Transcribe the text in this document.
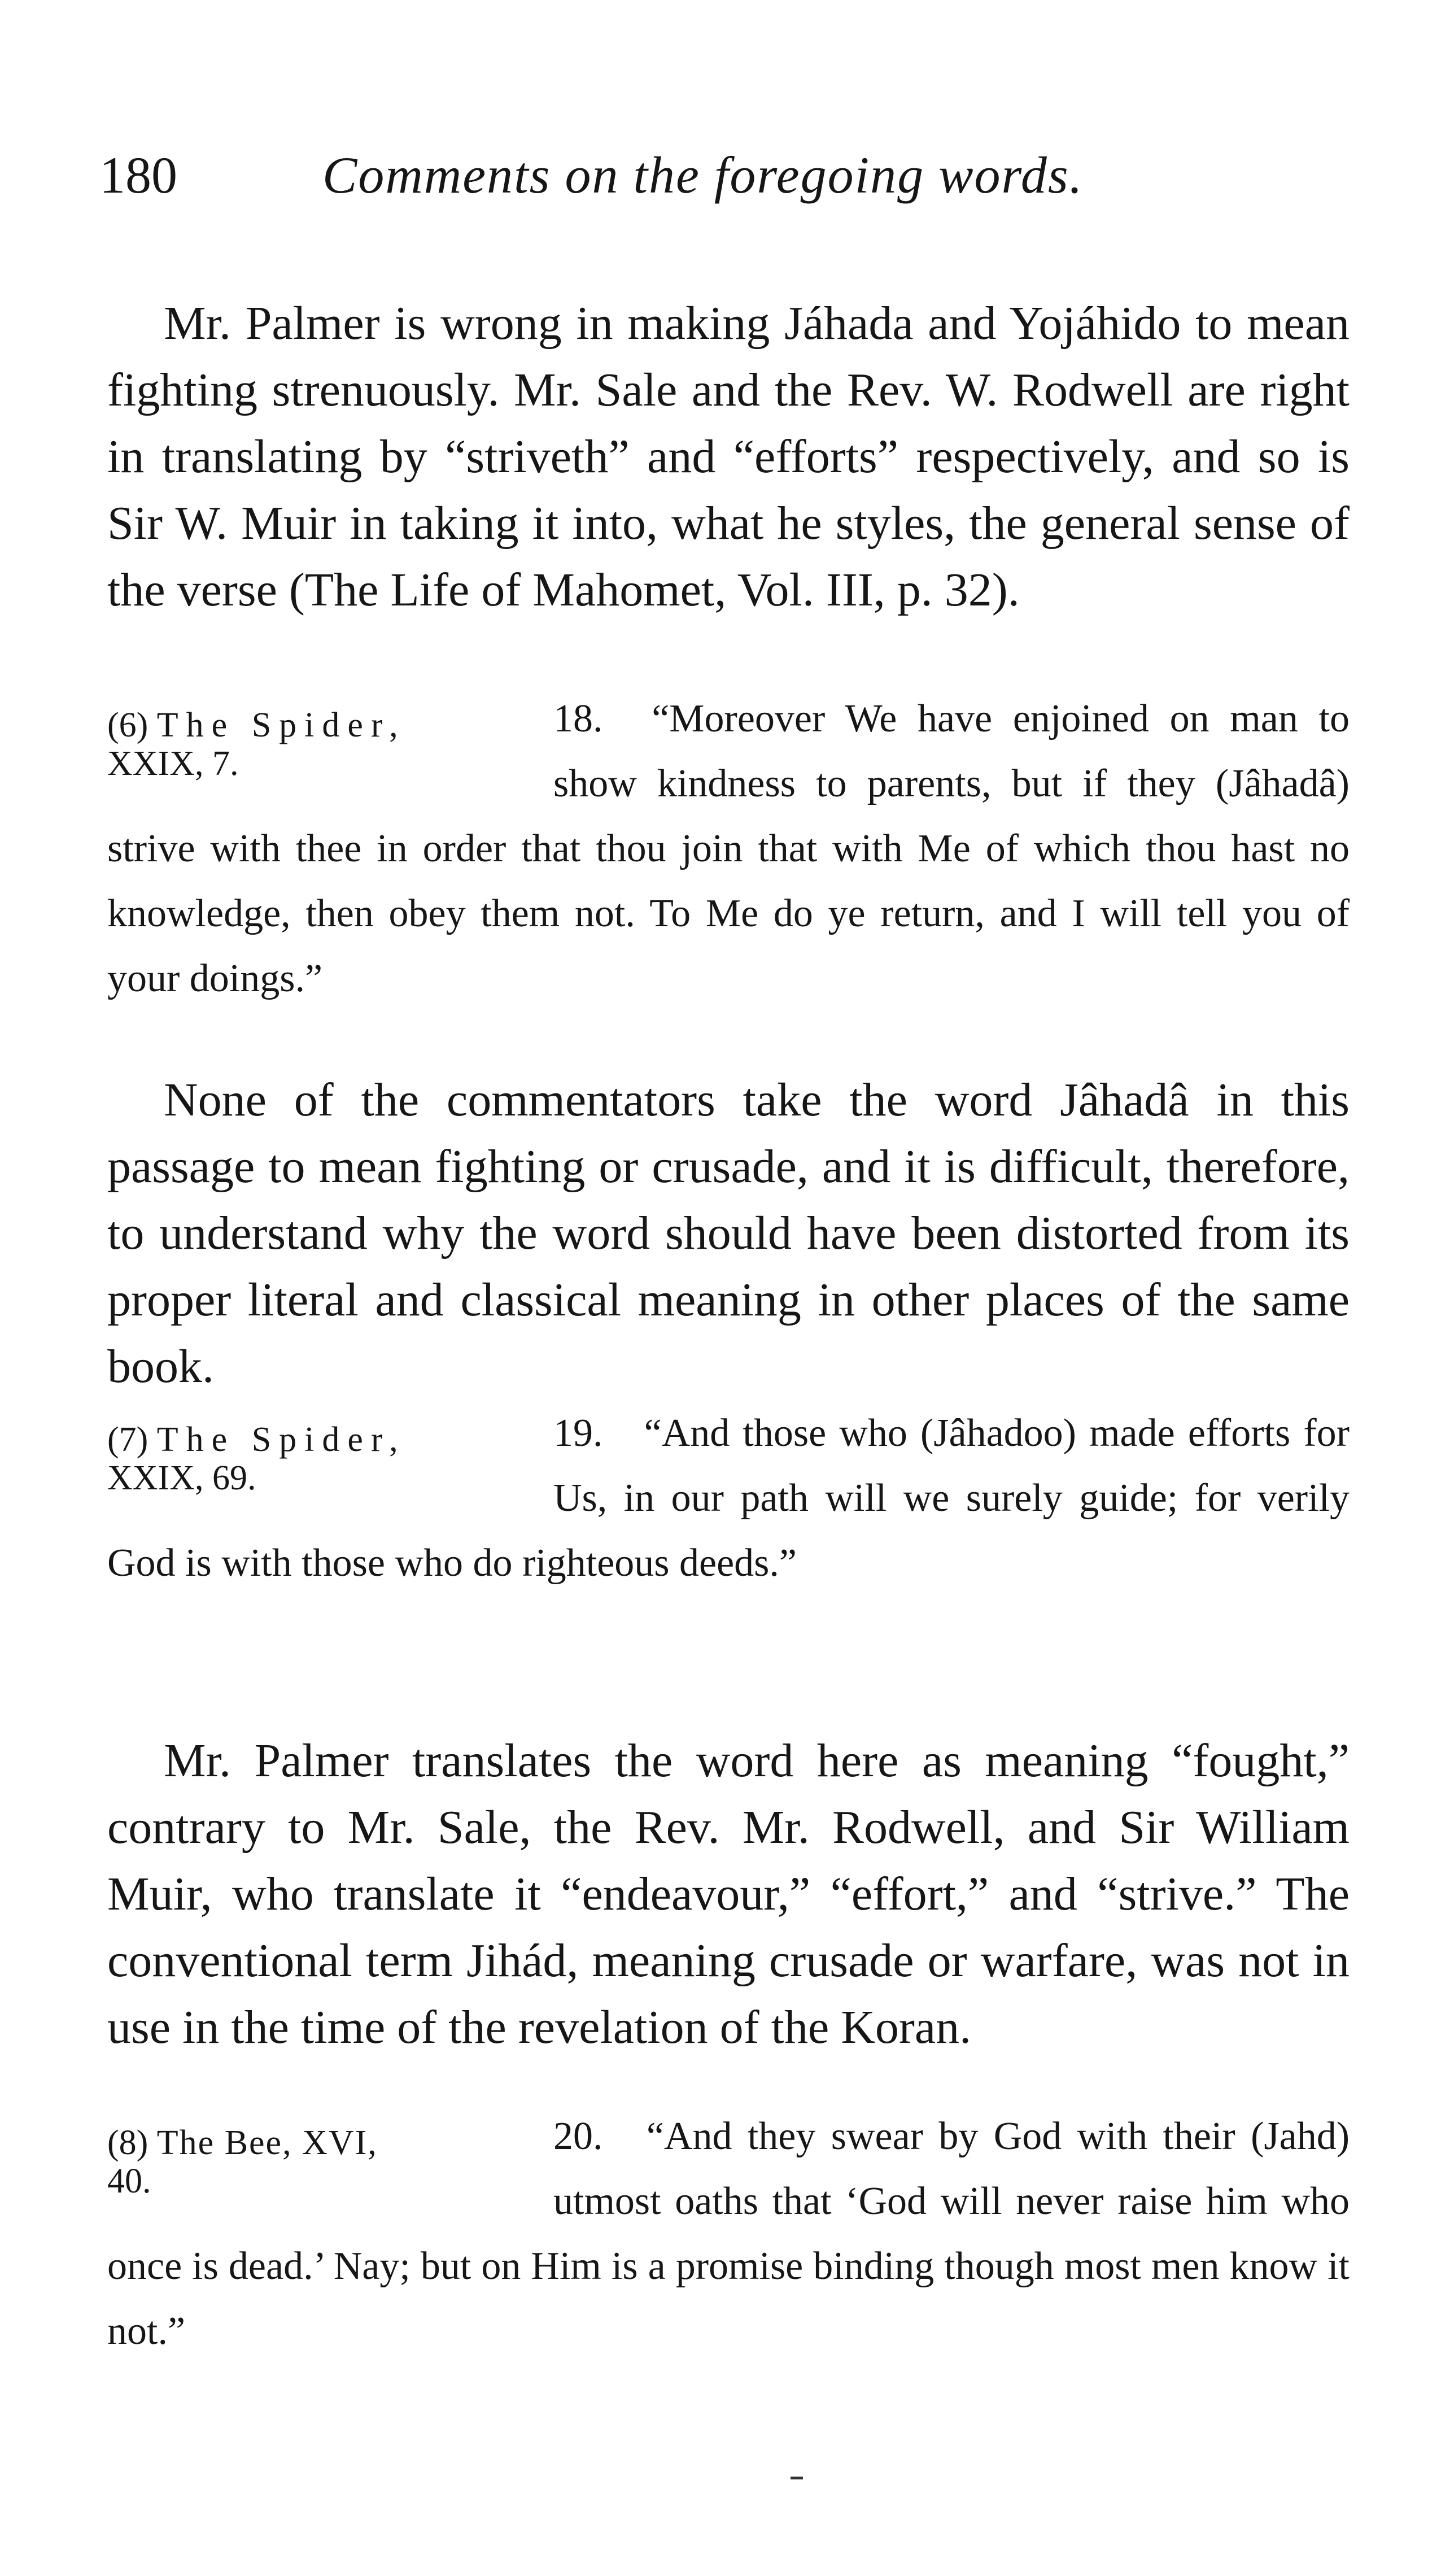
180	Comments on the foregoing words.

Mr. Palmer is wrong in making Jáhada and Yojáhido to mean fighting strenuously. Mr. Sale and the Rev. W. Rodwell are right in translating by “striveth” and “efforts” respectively, and so is Sir W. Muir in taking it into, what he styles, the general sense of the verse (The Life of Mahomet, Vol. III, p. 32).

(6) The Spider,
XXIX, 7.
18. “Moreover We have enjoined on man to show kindness to parents, but if they (Jâhadâ) strive with thee in order that thou join that with Me of which thou hast no knowledge, then obey them not. To Me do ye return, and I will tell you of your doings.”

None of the commentators take the word Jâhadâ in this passage to mean fighting or crusade, and it is difficult, therefore, to understand why the word should have been distorted from its proper literal and classical meaning in other places of the same book.

(7) The Spider,
XXIX, 69.
19. “And those who (Jâhadoo) made efforts for Us, in our path will we surely guide; for verily God is with those who do righteous deeds.”

Mr. Palmer translates the word here as meaning “fought,” contrary to Mr. Sale, the Rev. Mr. Rodwell, and Sir William Muir, who translate it “endeavour,” “effort,” and “strive.” The conventional term Jihád, meaning crusade or warfare, was not in use in the time of the revelation of the Koran.

(8) The Bee, XVI,
40.
20. “And they swear by God with their (Jahd) utmost oaths that ‘God will never raise him who once is dead.’ Nay; but on Him is a promise binding though most men know it not.”
